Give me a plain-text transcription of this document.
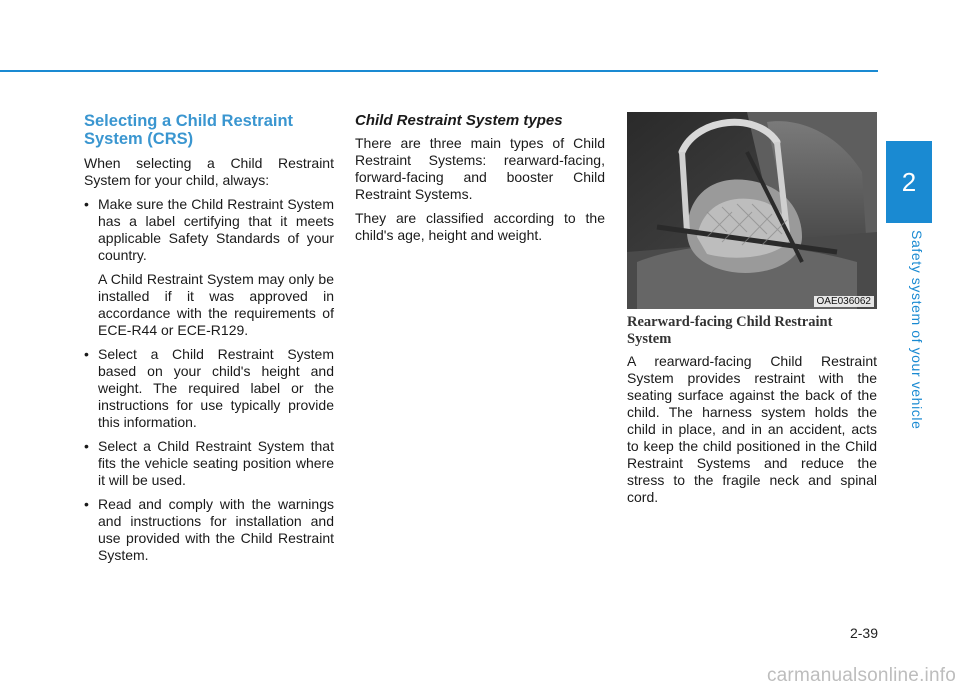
2
Safety system of your vehicle
Selecting a Child Restraint System (CRS)

When selecting a Child Restraint System for your child, always:

• Make sure the Child Restraint System has a label certifying that it meets applicable Safety Standards of your country.

A Child Restraint System may only be installed if it was approved in accordance with the requirements of ECE-R44 or ECE-R129.

• Select a Child Restraint System based on your child's height and weight. The required label or the instructions for use typically provide this information.

• Select a Child Restraint System that fits the vehicle seating position where it will be used.

• Read and comply with the warnings and instructions for installation and use provided with the Child Restraint System.

Child Restraint System types

There are three main types of Child Restraint Systems: rearward-facing, forward-facing and booster Child Restraint Systems.

They are classified according to the child's age, height and weight.

OAE036062
Rearward-facing Child Restraint System

A rearward-facing Child Restraint System provides restraint with the seating surface against the back of the child. The harness system holds the child in place, and in an accident, acts to keep the child positioned in the Child Restraint Systems and reduce the stress to the fragile neck and spinal cord.

2-39
carmanualsonline.info
